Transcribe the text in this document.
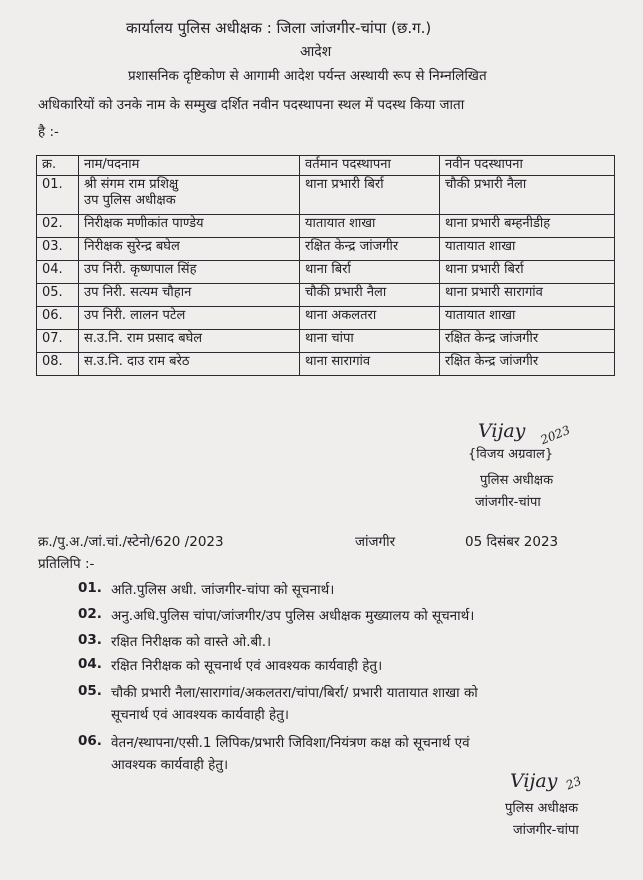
कार्यालय पुलिस अधीक्षक : जिला जांजगीर-चांपा (छ.ग.)
आदेश
प्रशासनिक दृष्टिकोण से आगामी आदेश पर्यन्त अस्थायी रूप से निम्नलिखित
अधिकारियों को उनके नाम के सम्मुख दर्शित नवीन पदस्थापना स्थल में पदस्थ किया जाता
है :-
क्र.	नाम/पदनाम	वर्तमान पदस्थापना	नवीन पदस्थापना
01.	श्री संगम राम प्रशिक्षु
उप पुलिस अधीक्षक	थाना प्रभारी बिर्रा	चौकी प्रभारी नैला
02.	निरीक्षक मणीकांत पाण्डेय	यातायात शाखा	थाना प्रभारी बम्हनीडीह
03.	निरीक्षक सुरेन्द्र बघेल	रक्षित केन्द्र जांजगीर	यातायात शाखा
04.	उप निरी. कृष्णपाल सिंह	थाना बिर्रा	थाना प्रभारी बिर्रा
05.	उप निरी. सत्यम चौहान	चौकी प्रभारी नैला	थाना प्रभारी सारागांव
06.	उप निरी. लालन पटेल	थाना अकलतरा	यातायात शाखा
07.	स.उ.नि. राम प्रसाद बघेल	थाना चांपा	रक्षित केन्द्र जांजगीर
08.	स.उ.नि. दाउ राम बरेठ	थाना सारागांव	रक्षित केन्द्र जांजगीर
Vijay 2023
{विजय अग्रवाल}
पुलिस अधीक्षक
जांजगीर-चांपा
क्र./पु.अ./जां.चां./स्टेनो/620 /2023	जांजगीर	05 दिसंबर 2023
प्रतिलिपि :-
01. अति.पुलिस अधी. जांजगीर-चांपा को सूचनार्थ।
02. अनु.अधि.पुलिस चांपा/जांजगीर/उप पुलिस अधीक्षक मुख्यालय को सूचनार्थ।
03. रक्षित निरीक्षक को वास्ते ओ.बी.।
04. रक्षित निरीक्षक को सूचनार्थ एवं आवश्यक कार्यवाही हेतु।
05. चौकी प्रभारी नैला/सारागांव/अकलतरा/चांपा/बिर्रा/ प्रभारी यातायात शाखा को
सूचनार्थ एवं आवश्यक कार्यवाही हेतु।
06. वेतन/स्थापना/एसी.1 लिपिक/प्रभारी जिविशा/नियंत्रण कक्ष को सूचनार्थ एवं
आवश्यक कार्यवाही हेतु।
Vijay 23
पुलिस अधीक्षक
जांजगीर-चांपा
